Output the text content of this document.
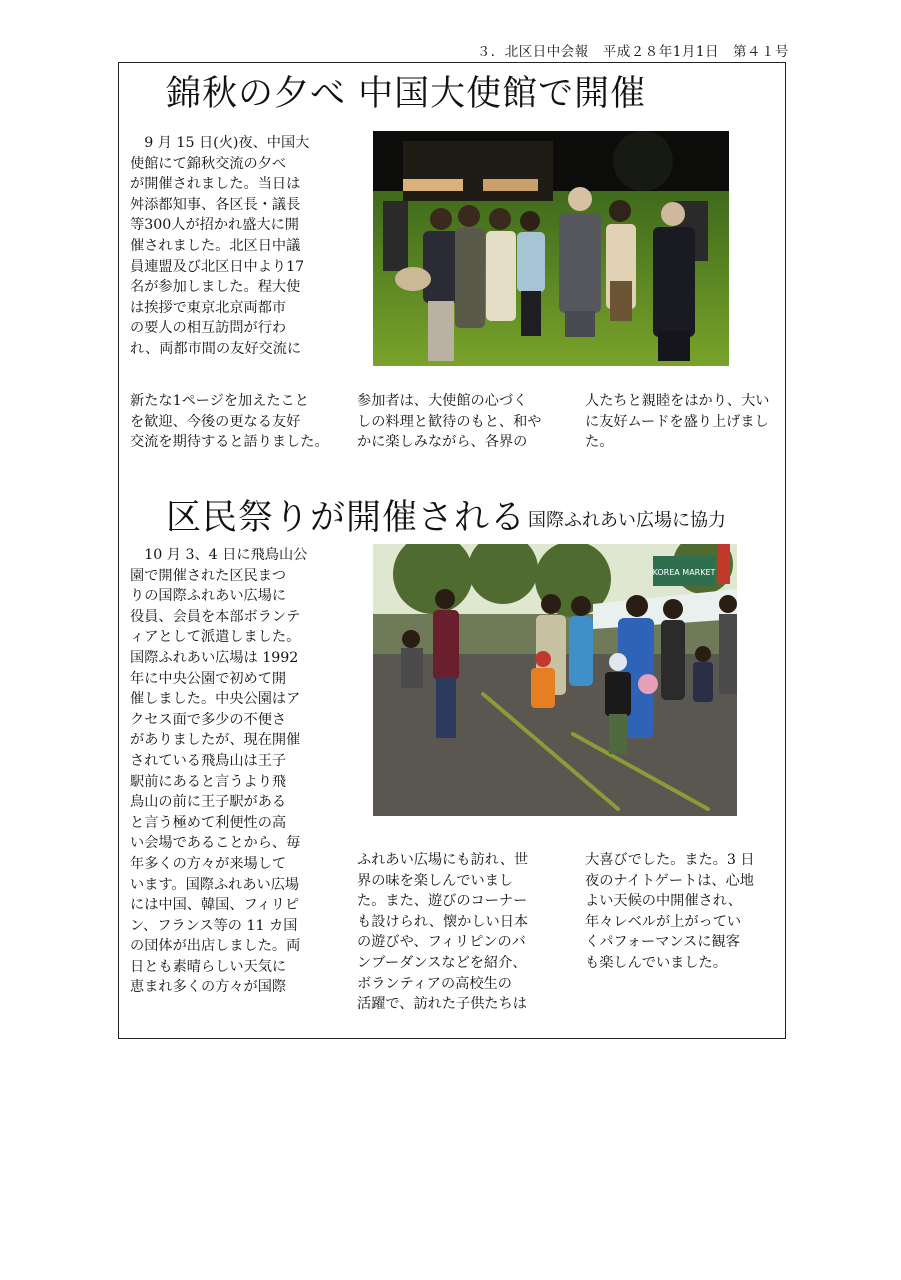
３．北区日中会報　平成２８年1月1日　第４１号
錦秋の夕べ 中国大使館で開催

　9 月 15 日(火)夜、中国大
使館にて錦秋交流の夕べ
が開催されました。当日は
舛添都知事、各区長・議長
等300人が招かれ盛大に開
催されました。北区日中議
員連盟及び北区日中より17
名が参加しました。程大使
は挨拶で東京北京両都市
の要人の相互訪問が行わ
れ、両都市間の友好交流に

新たな1ページを加えたこと
を歓迎、今後の更なる友好
交流を期待すると語りました。

参加者は、大使館の心づく
しの料理と歓待のもと、和や
かに楽しみながら、各界の

人たちと親睦をはかり、大い
に友好ムードを盛り上げまし
た。

区民祭りが開催される 国際ふれあい広場に協力

　10 月 3、4 日に飛鳥山公
園で開催された区民まつ
りの国際ふれあい広場に
役員、会員を本部ボランテ
ィアとして派遣しました。
国際ふれあい広場は 1992
年に中央公園で初めて開
催しました。中央公園はア
クセス面で多少の不便さ
がありましたが、現在開催
されている飛鳥山は王子
駅前にあると言うより飛
鳥山の前に王子駅がある
と言う極めて利便性の高
い会場であることから、毎
年多くの方々が来場して
います。国際ふれあい広場
には中国、韓国、フィリピ
ン、フランス等の 11 カ国
の団体が出店しました。両
日とも素晴らしい天気に
恵まれ多くの方々が国際

KOREA MARKET

ふれあい広場にも訪れ、世
界の味を楽しんでいまし
た。また、遊びのコーナー
も設けられ、懐かしい日本
の遊びや、フィリピンのバ
ンブーダンスなどを紹介、
ボランティアの高校生の
活躍で、訪れた子供たちは

大喜びでした。また。3 日
夜のナイトゲートは、心地
よい天候の中開催され、
年々レベルが上がってい
くパフォーマンスに観客
も楽しんでいました。
